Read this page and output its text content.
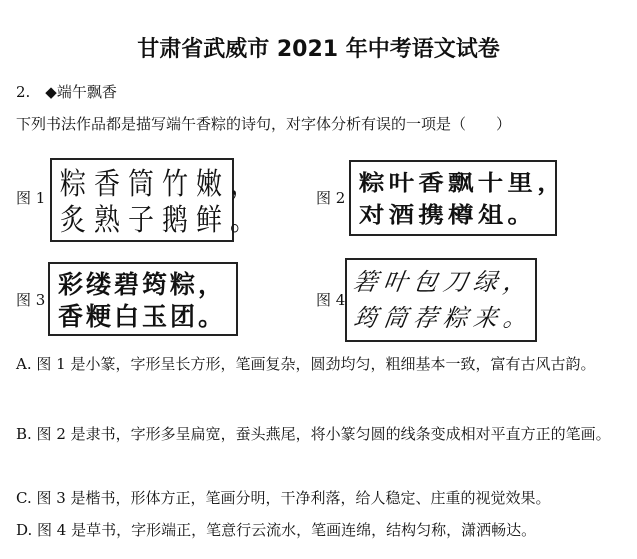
甘肃省武威市 2021 年中考语文试卷
2.　◆端午飘香
下列书法作品都是描写端午香粽的诗句，对字体分析有误的一项是（　　）
图 1 粽香筒竹嫩，
炙熟子鹅鲜。
图 2
粽叶香飘十里，
对酒携樽俎。
图 3
彩缕碧筠粽，
香粳白玉团。
图 4
箬叶包刀绿，
筠筒荐粽来。
A. 图 1 是小篆，字形呈长方形，笔画复杂，圆劲均匀，粗细基本一致，富有古风古韵。
B. 图 2 是隶书，字形多呈扁宽，蚕头燕尾，将小篆匀圆的线条变成相对平直方正的笔画。
C. 图 3 是楷书，形体方正，笔画分明，干净利落，给人稳定、庄重的视觉效果。
D. 图 4 是草书，字形端正，笔意行云流水，笔画连绵，结构匀称，潇洒畅达。
